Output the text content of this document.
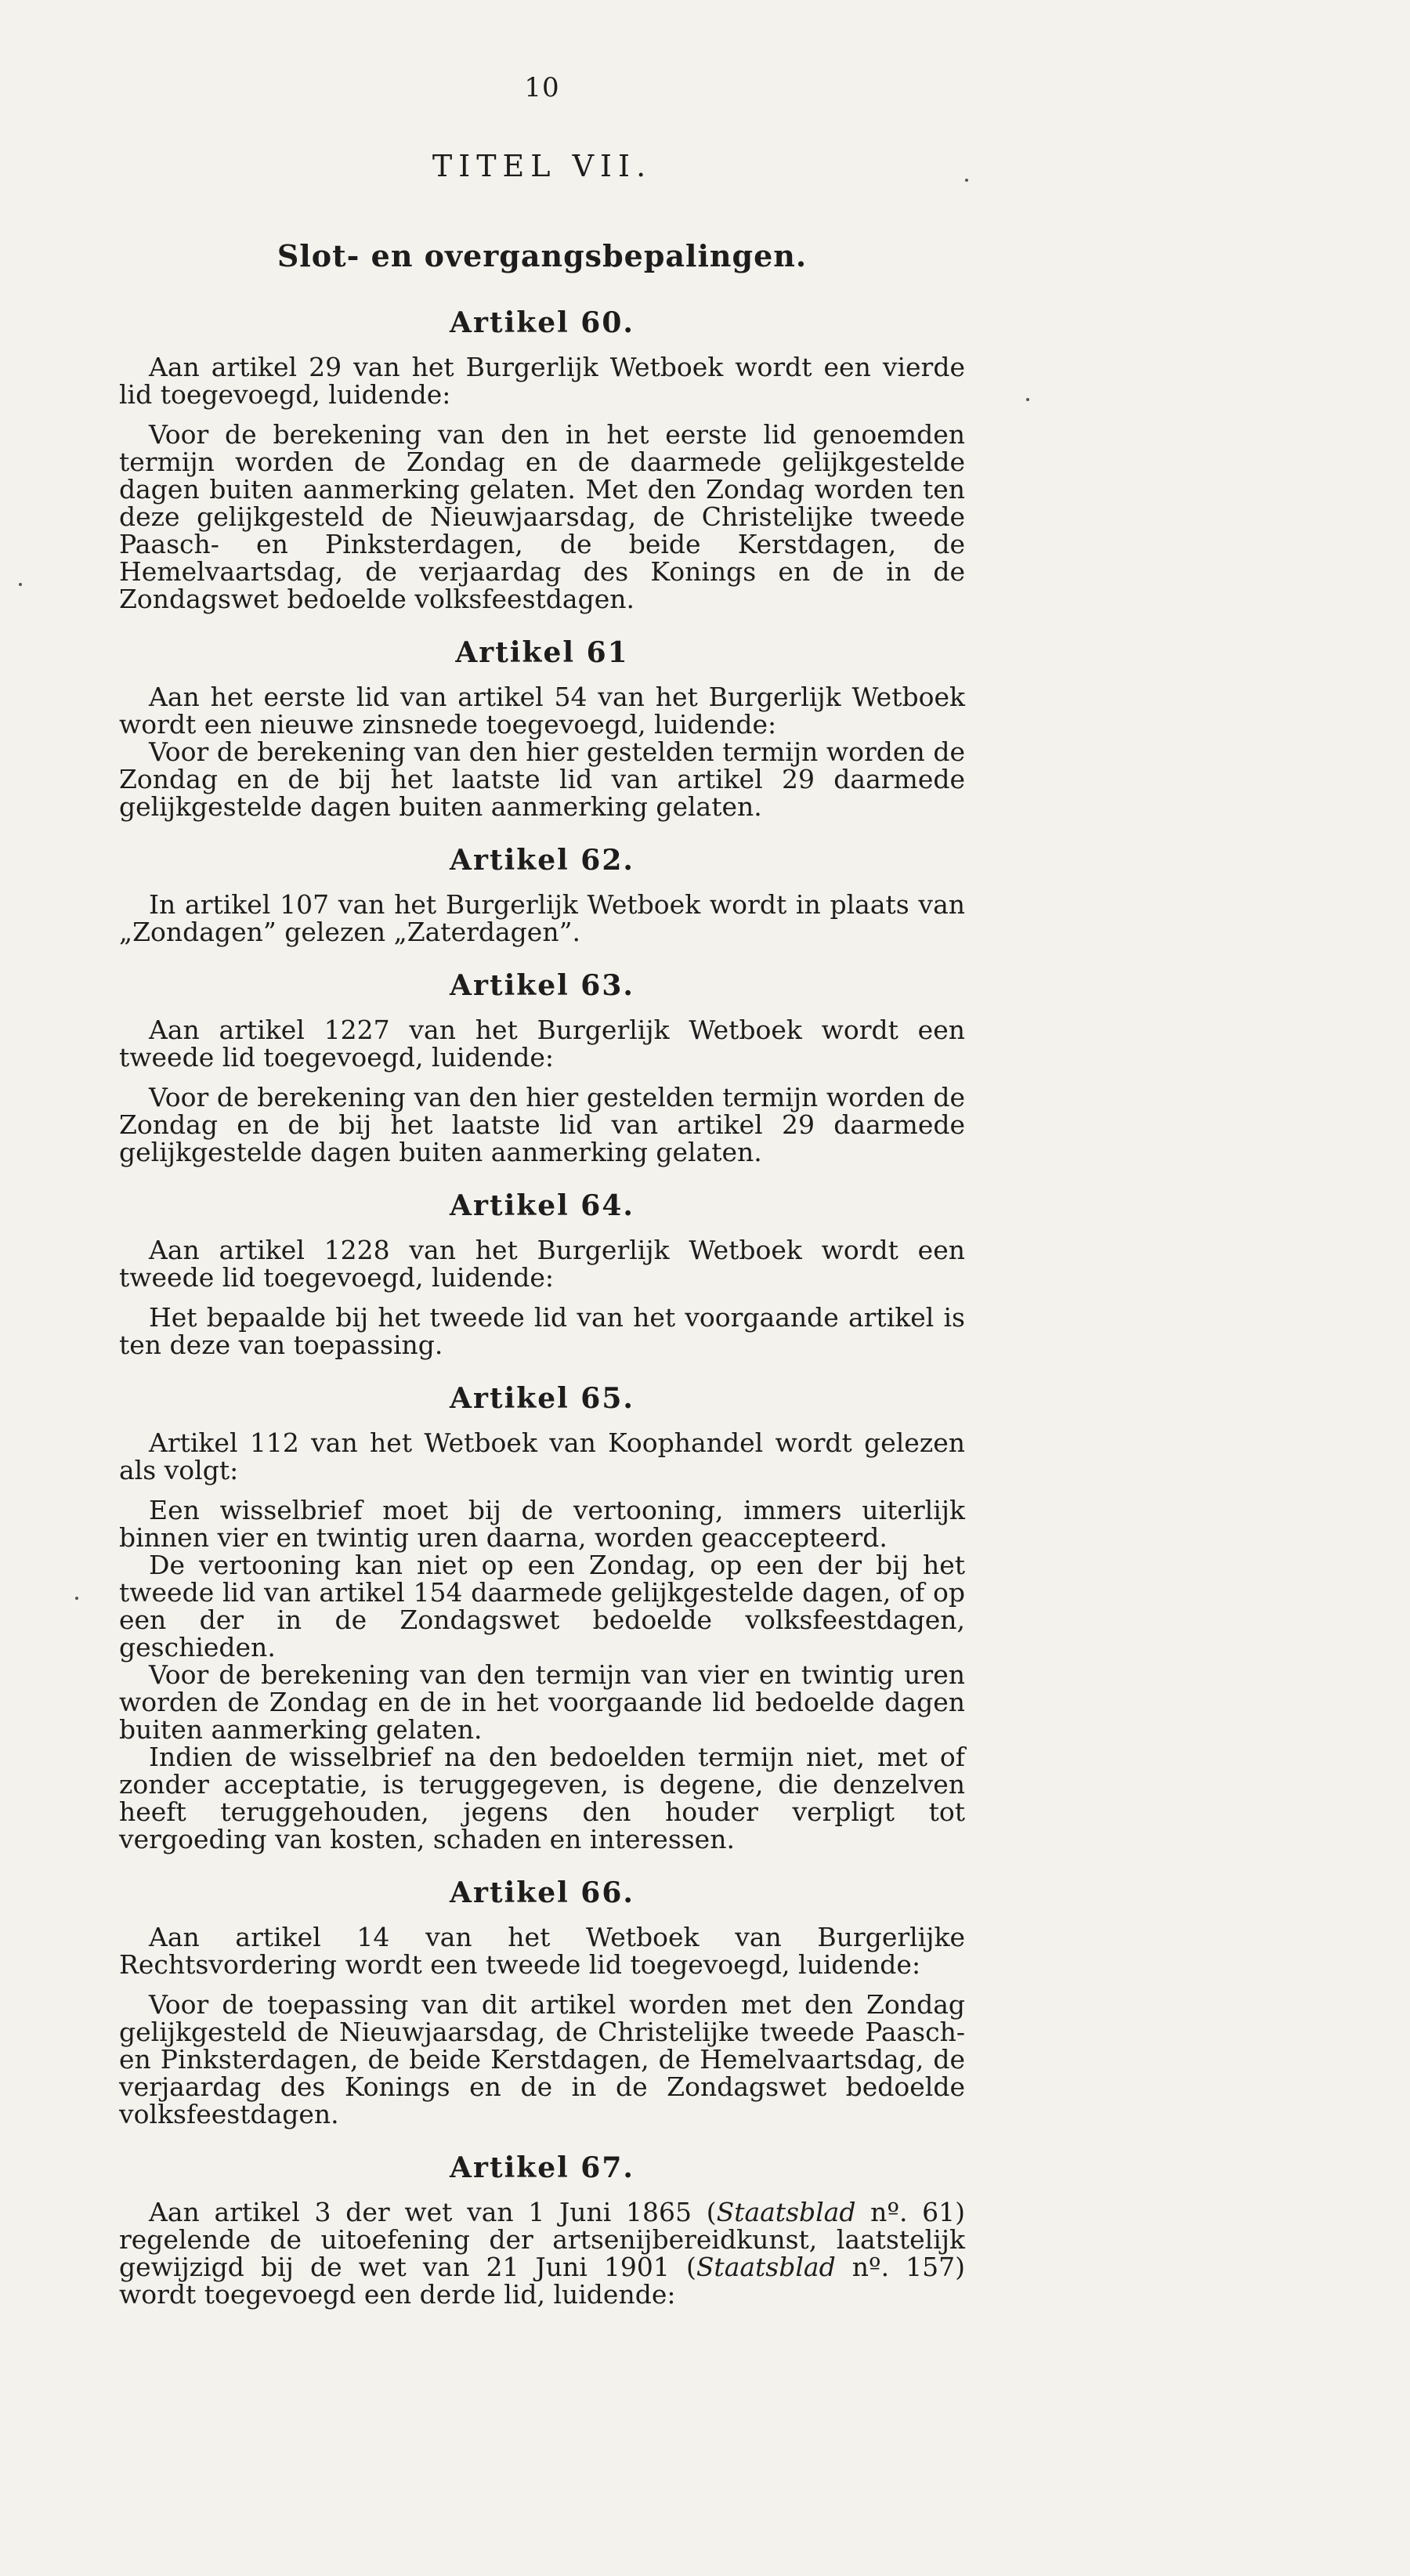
10
TITEL VII.
Slot- en overgangsbepalingen.
Artikel 60.

Aan artikel 29 van het Burgerlijk Wetboek wordt een vierde lid toegevoegd, luidende:

Voor de berekening van den in het eerste lid genoemden termijn worden de Zondag en de daarmede gelijkgestelde dagen buiten aanmerking gelaten. Met den Zondag worden ten deze gelijkgesteld de Nieuwjaarsdag, de Christelijke tweede Paasch- en Pinksterdagen, de beide Kerstdagen, de Hemelvaartsdag, de verjaardag des Konings en de in de Zondagswet bedoelde volksfeestdagen.

Artikel 61

Aan het eerste lid van artikel 54 van het Burgerlijk Wetboek wordt een nieuwe zinsnede toegevoegd, luidende:

Voor de berekening van den hier gestelden termijn worden de Zondag en de bij het laatste lid van artikel 29 daarmede gelijkgestelde dagen buiten aanmerking gelaten.

Artikel 62.

In artikel 107 van het Burgerlijk Wetboek wordt in plaats van „Zondagen” gelezen „Zaterdagen”.

Artikel 63.

Aan artikel 1227 van het Burgerlijk Wetboek wordt een tweede lid toegevoegd, luidende:

Voor de berekening van den hier gestelden termijn worden de Zondag en de bij het laatste lid van artikel 29 daarmede gelijkgestelde dagen buiten aanmerking gelaten.

Artikel 64.

Aan artikel 1228 van het Burgerlijk Wetboek wordt een tweede lid toegevoegd, luidende:

Het bepaalde bij het tweede lid van het voorgaande artikel is ten deze van toepassing.

Artikel 65.

Artikel 112 van het Wetboek van Koophandel wordt gelezen als volgt:

Een wisselbrief moet bij de vertooning, immers uiterlijk binnen vier en twintig uren daarna, worden geaccepteerd.

De vertooning kan niet op een Zondag, op een der bij het tweede lid van artikel 154 daarmede gelijkgestelde dagen, of op een der in de Zondagswet bedoelde volksfeestdagen, geschieden.

Voor de berekening van den termijn van vier en twintig uren worden de Zondag en de in het voorgaande lid bedoelde dagen buiten aanmerking gelaten.

Indien de wisselbrief na den bedoelden termijn niet, met of zonder acceptatie, is teruggegeven, is degene, die denzelven heeft teruggehouden, jegens den houder verpligt tot vergoeding van kosten, schaden en interessen.

Artikel 66.

Aan artikel 14 van het Wetboek van Burgerlijke Rechtsvordering wordt een tweede lid toegevoegd, luidende:

Voor de toepassing van dit artikel worden met den Zondag gelijkgesteld de Nieuwjaarsdag, de Christelijke tweede Paasch- en Pinksterdagen, de beide Kerstdagen, de Hemelvaartsdag, de verjaardag des Konings en de in de Zondagswet bedoelde volksfeestdagen.

Artikel 67.

Aan artikel 3 der wet van 1 Juni 1865 (Staatsblad nº. 61) regelende de uitoefening der artsenijbereidkunst, laatstelijk gewijzigd bij de wet van 21 Juni 1901 (Staatsblad nº. 157) wordt toegevoegd een derde lid, luidende:
